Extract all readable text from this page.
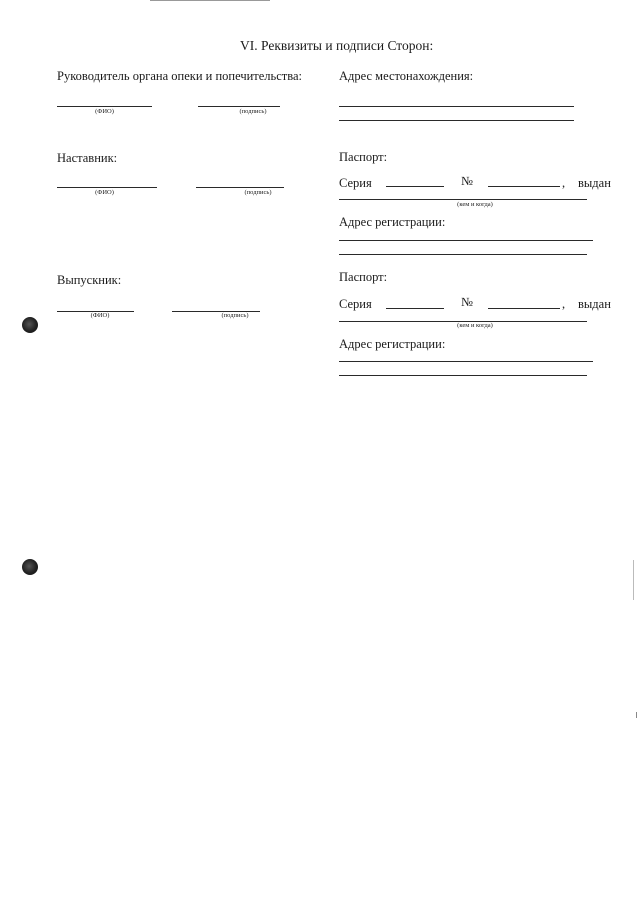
VI. Реквизиты и подписи Сторон:
Руководитель органа опеки и попечительства:
(ФИО)	(подпись)
Наставник:
(ФИО)	(подпись)
Выпускник:
(ФИО)	(подпись)
Адрес местонахождения:
Паспорт:
Серия	№	, выдан
(кем и когда)
Адрес регистрации:
Паспорт:
Серия	№	, выдан
(кем и когда)
Адрес регистрации:
